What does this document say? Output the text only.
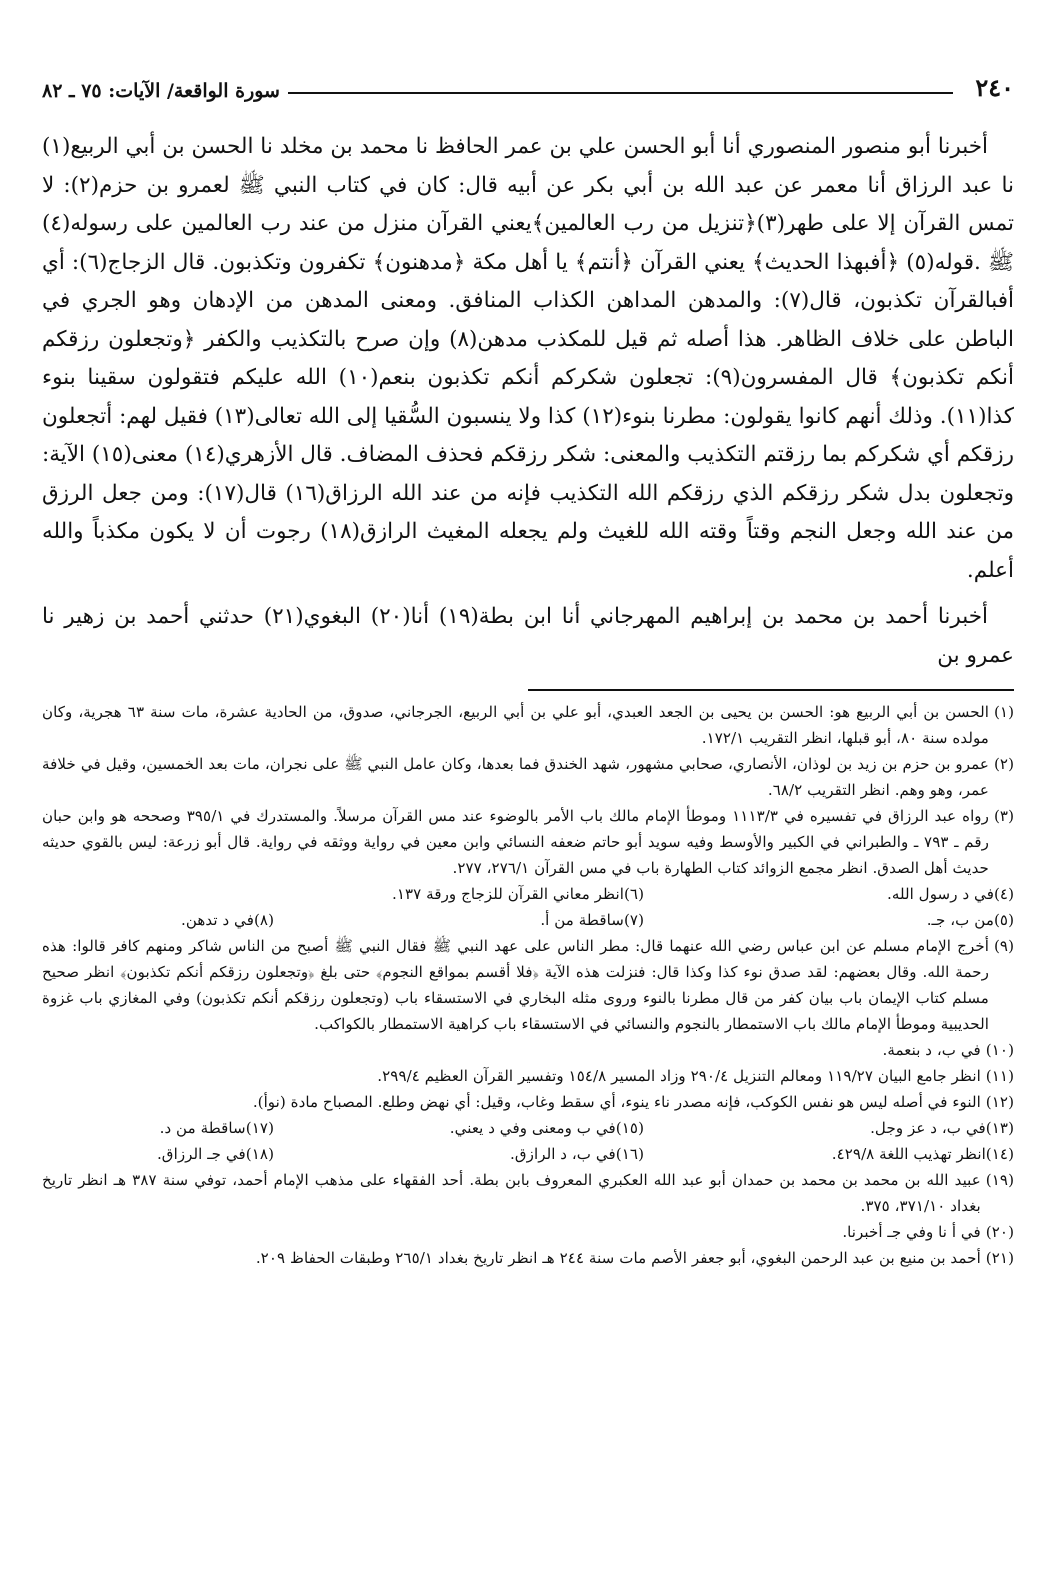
٢٤٠
سورة الواقعة/ الآيات: ٧٥ ـ ٨٢

أخبرنا أبو منصور المنصوري أنا أبو الحسن علي بن عمر الحافظ نا محمد بن مخلد نا الحسن بن أبي الربيع(١) نا عبد الرزاق أنا معمر عن عبد الله بن أبي بكر عن أبيه قال: كان في كتاب النبي ﷺ لعمرو بن حزم(٢): لا تمس القرآن إلا على طهر(٣)﴿تنزيل من رب العالمين﴾يعني القرآن منزل من عند رب العالمين على رسوله(٤) ﷺ .قوله(٥) ﴿أفبهذا الحديث﴾ يعني القرآن ﴿أنتم﴾ يا أهل مكة ﴿مدهنون﴾ تكفرون وتكذبون. قال الزجاج(٦): أي أفبالقرآن تكذبون، قال(٧): والمدهن المداهن الكذاب المنافق. ومعنى المدهن من الإدهان وهو الجري في الباطن على خلاف الظاهر. هذا أصله ثم قيل للمكذب مدهن(٨) وإن صرح بالتكذيب والكفر ﴿وتجعلون رزقكم أنكم تكذبون﴾ قال المفسرون(٩): تجعلون شكركم أنكم تكذبون بنعم(١٠) الله عليكم فتقولون سقينا بنوء كذا(١١). وذلك أنهم كانوا يقولون: مطرنا بنوء(١٢) كذا ولا ينسبون السُّقيا إلى الله تعالى(١٣) فقيل لهم: أتجعلون رزقكم أي شكركم بما رزقتم التكذيب والمعنى: شكر رزقكم فحذف المضاف. قال الأزهري(١٤) معنى(١٥) الآية: وتجعلون بدل شكر رزقكم الذي رزقكم الله التكذيب فإنه من عند الله الرزاق(١٦) قال(١٧): ومن جعل الرزق من عند الله وجعل النجم وقتاً وقته الله للغيث ولم يجعله المغيث الرازق(١٨) رجوت أن لا يكون مكذباً والله أعلم.

أخبرنا أحمد بن محمد بن إبراهيم المهرجاني أنا ابن بطة(١٩) أنا(٢٠) البغوي(٢١) حدثني أحمد بن زهير نا عمرو بن

(١)
الحسن بن أبي الربيع هو: الحسن بن يحيى بن الجعد العبدي، أبو علي بن أبي الربيع، الجرجاني، صدوق، من الحادية عشرة، مات سنة ٦٣ هجرية، وكان مولده سنة ٨٠، أبو قبلها، انظر التقريب ١٧٢/١.
(٢)
عمرو بن حزم بن زيد بن لوذان، الأنصاري، صحابي مشهور، شهد الخندق فما بعدها، وكان عامل النبي ﷺ على نجران، مات بعد الخمسين، وقيل في خلافة عمر، وهو وهم. انظر التقريب ٦٨/٢.
(٣)
رواه عبد الرزاق في تفسيره في ١١١٣/٣ وموطأ الإمام مالك باب الأمر بالوضوء عند مس القرآن مرسلاً. والمستدرك في ٣٩٥/١ وصححه هو وابن حبان رقم ـ ٧٩٣ ـ والطبراني في الكبير والأوسط وفيه سويد أبو حاتم ضعفه النسائي وابن معين في رواية ووثقه في رواية. قال أبو زرعة: ليس بالقوي حديثه حديث أهل الصدق. انظر مجمع الزوائد كتاب الطهارة باب في مس القرآن ٢٧٦/١، ٢٧٧.
(٤)
في د رسول الله.
(٦)
انظر معاني القرآن للزجاج ورقة ١٣٧.
(٥)
من ب، جـ.
(٧)
ساقطة من أ.
(٨)
في د تدهن.
(٩)
أخرج الإمام مسلم عن ابن عباس رضي الله عنهما قال: مطر الناس على عهد النبي ﷺ فقال النبي ﷺ أصبح من الناس شاكر ومنهم كافر قالوا: هذه رحمة الله. وقال بعضهم: لقد صدق نوء كذا وكذا قال: فنزلت هذه الآية ﴿فلا أقسم بمواقع النجوم﴾ حتى بلغ ﴿وتجعلون رزقكم أنكم تكذبون﴾ انظر صحيح مسلم كتاب الإيمان باب بيان كفر من قال مطرنا بالنوء وروى مثله البخاري في الاستسقاء باب (وتجعلون رزقكم أنكم تكذبون) وفي المغازي باب غزوة الحديبية وموطأ الإمام مالك باب الاستمطار بالنجوم والنسائي في الاستسقاء باب كراهية الاستمطار بالكواكب.
(١٠)
في ب، د بنعمة.
(١١)
انظر جامع البيان ١١٩/٢٧ ومعالم التنزيل ٢٩٠/٤ وزاد المسير ١٥٤/٨ وتفسير القرآن العظيم ٢٩٩/٤.
(١٢)
النوء في أصله ليس هو نفس الكوكب، فإنه مصدر ناء ينوء، أي سقط وغاب، وقيل: أي نهض وطلع. المصباح مادة (نوأ).
(١٣)
في ب، د عز وجل.
(١٥)
في ب ومعنى وفي د يعني.
(١٧)
ساقطة من د.
(١٤)
انظر تهذيب اللغة ٤٢٩/٨.
(١٦)
في ب، د الرازق.
(١٨)
في جـ الرزاق.
(١٩)
عبيد الله بن محمد بن محمد بن حمدان أبو عبد الله العكبري المعروف بابن بطة. أحد الفقهاء على مذهب الإمام أحمد، توفي سنة ٣٨٧ هـ انظر تاريخ بغداد ٣٧١/١٠، ٣٧٥.
(٢٠)
في أ نا وفي جـ أخبرنا.
(٢١)
أحمد بن منيع بن عبد الرحمن البغوي، أبو جعفر الأصم مات سنة ٢٤٤ هـ انظر تاريخ بغداد ٢٦٥/١ وطبقات الحفاظ ٢٠٩.
